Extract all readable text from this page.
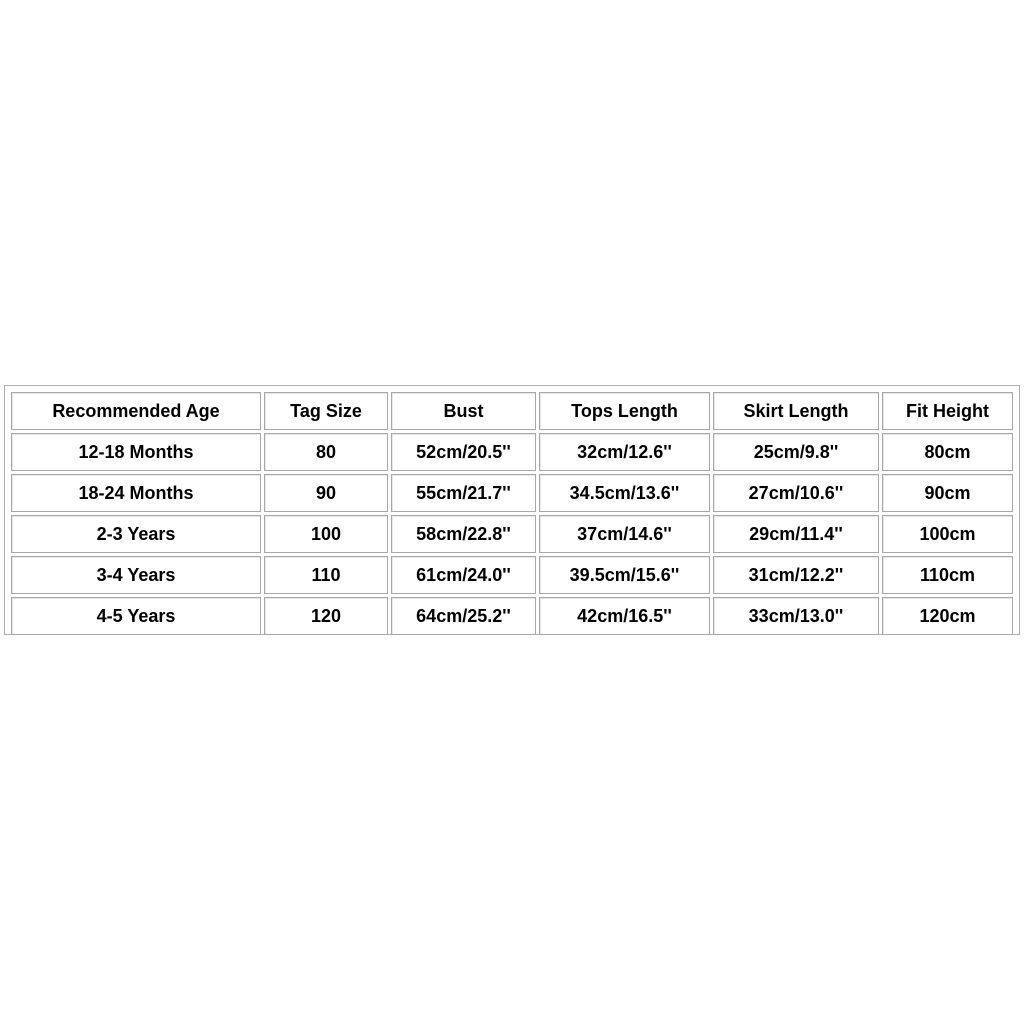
Recommended Age	Tag Size	Bust	Tops Length	Skirt Length	Fit Height
12-18 Months	80	52cm/20.5''	32cm/12.6''	25cm/9.8''	80cm
18-24 Months	90	55cm/21.7''	34.5cm/13.6''	27cm/10.6''	90cm
2-3 Years	100	58cm/22.8''	37cm/14.6''	29cm/11.4''	100cm
3-4 Years	110	61cm/24.0''	39.5cm/15.6''	31cm/12.2''	110cm
4-5 Years	120	64cm/25.2''	42cm/16.5''	33cm/13.0''	120cm
